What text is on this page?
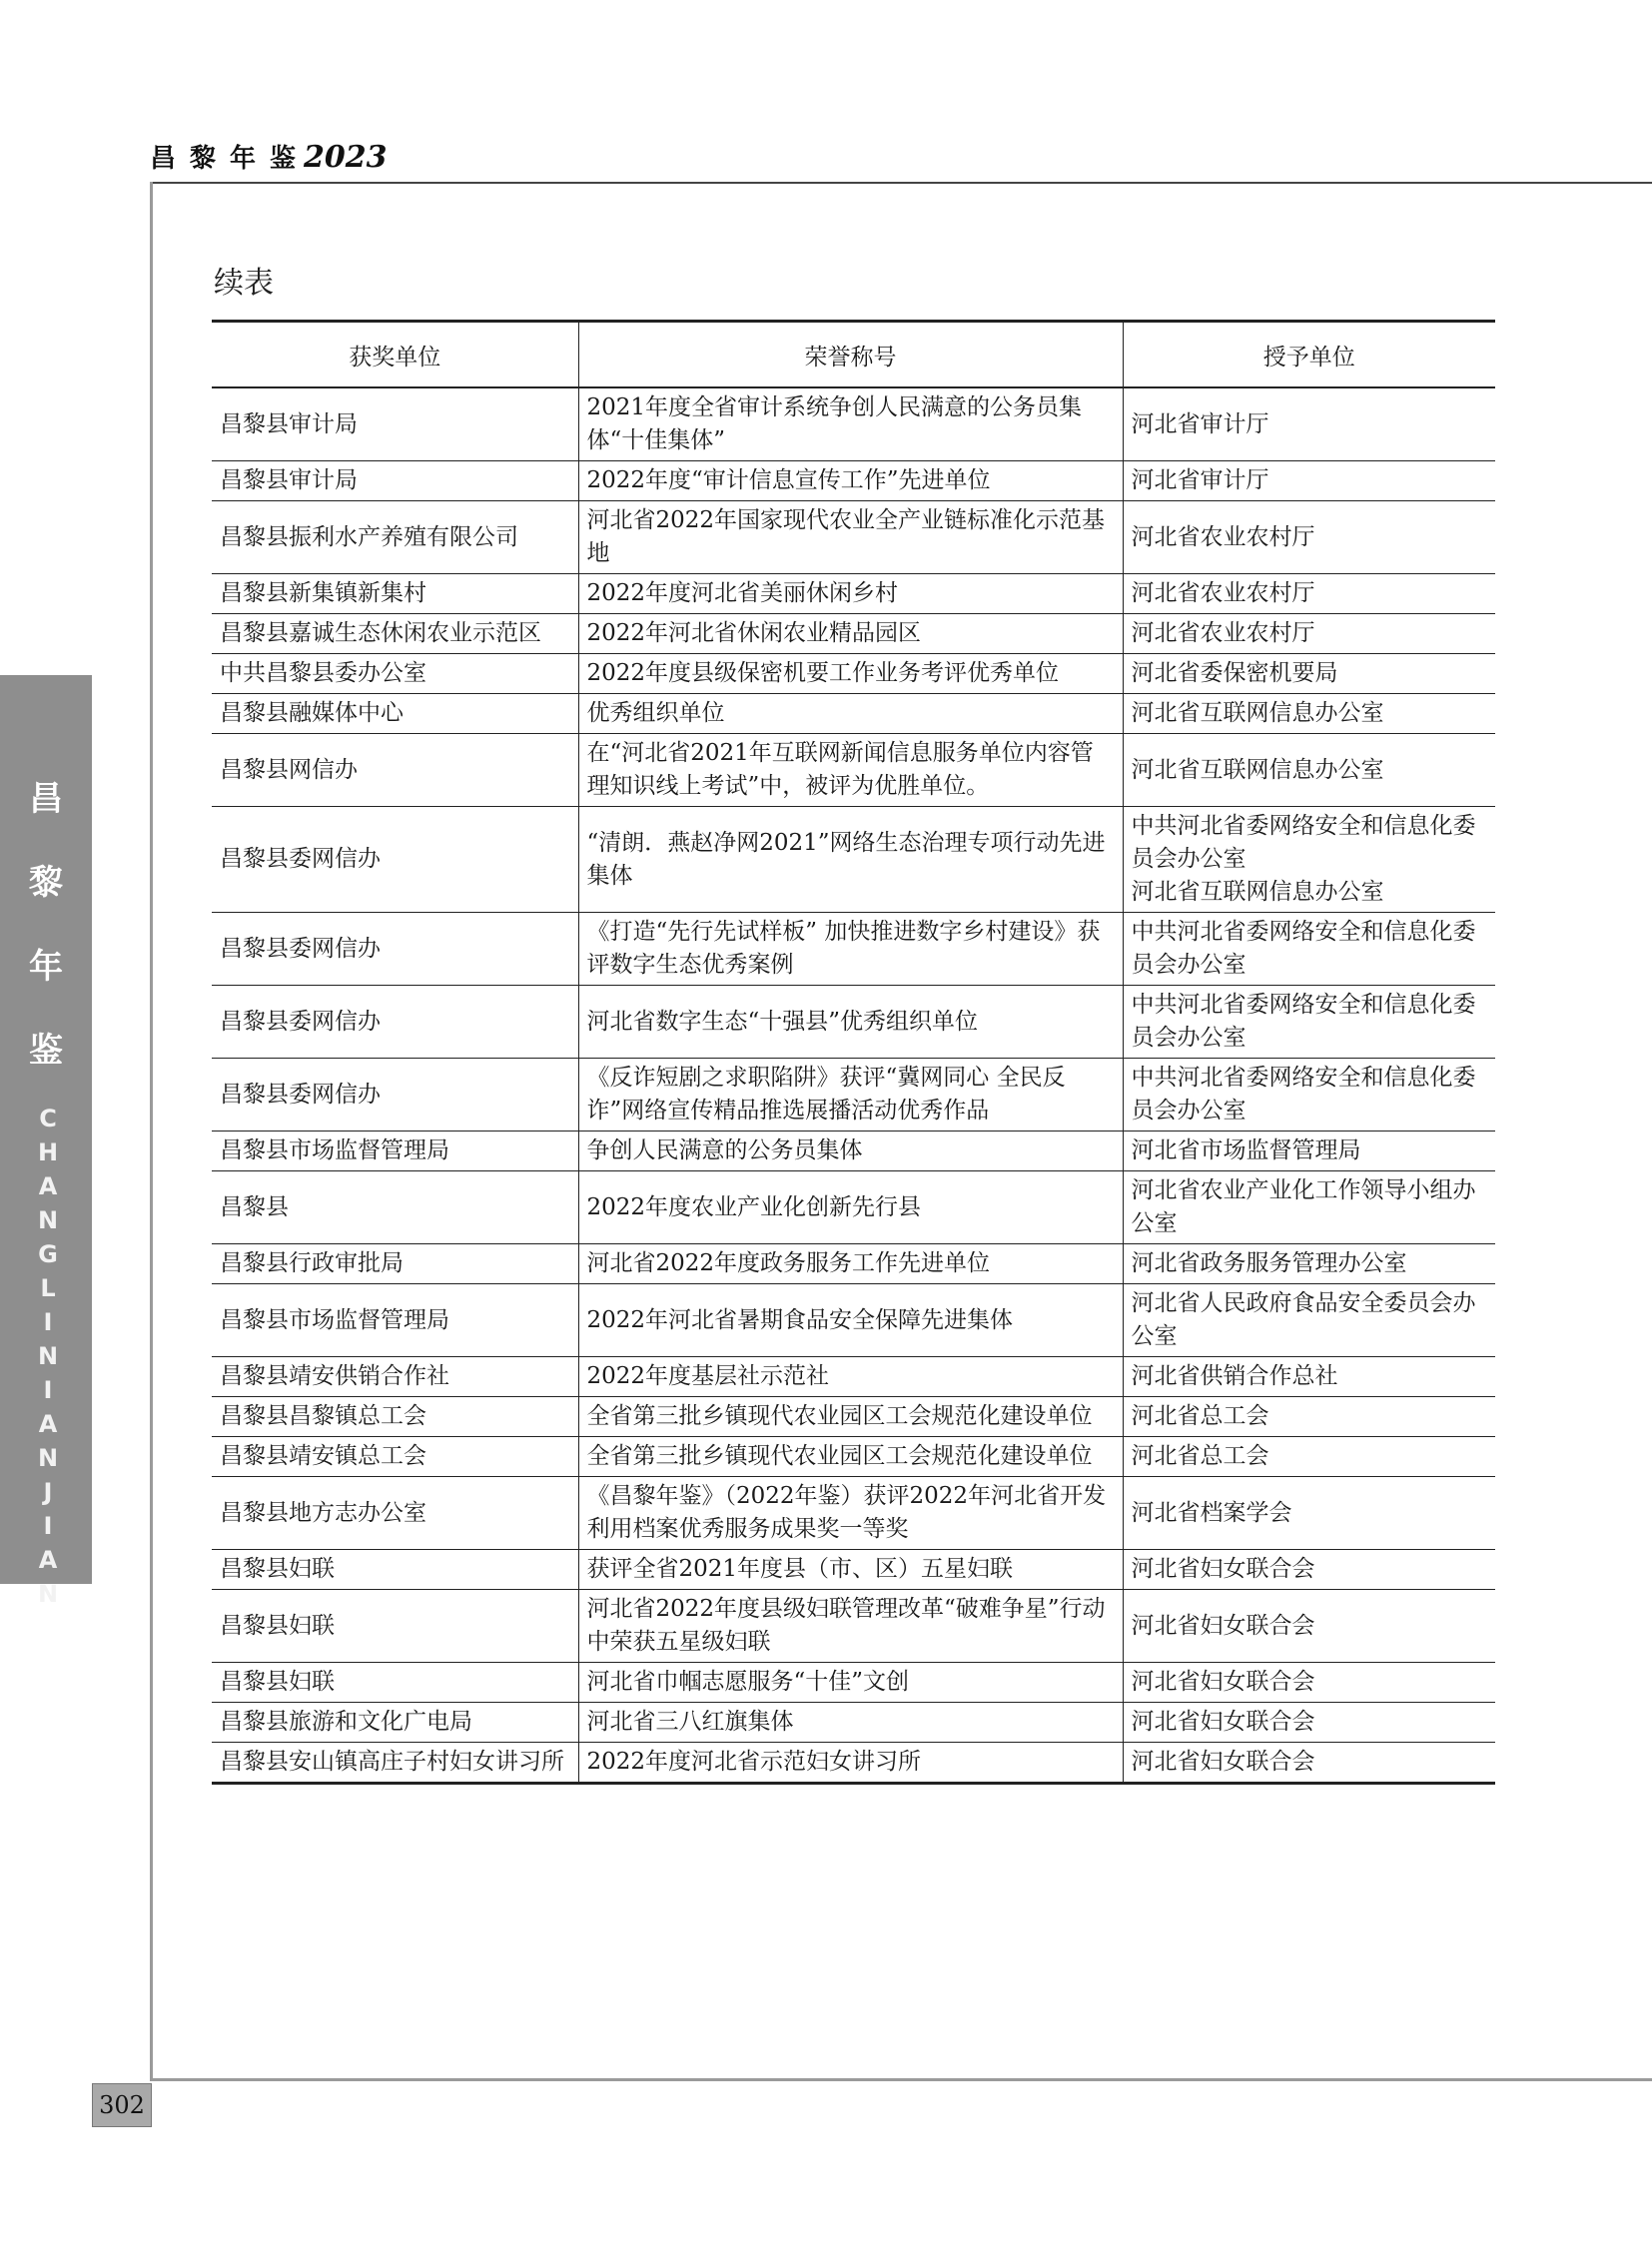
昌黎年鉴2023
昌
黎
年
鉴
CHANGLINIANJIAN
302
续表
获奖单位	荣誉称号	授予单位
昌黎县审计局	2021年度全省审计系统争创人民满意的公务员集体“十佳集体”	河北省审计厅
昌黎县审计局	2022年度“审计信息宣传工作”先进单位	河北省审计厅
昌黎县振利水产养殖有限公司	河北省2022年国家现代农业全产业链标准化示范基地	河北省农业农村厅
昌黎县新集镇新集村	2022年度河北省美丽休闲乡村	河北省农业农村厅
昌黎县嘉诚生态休闲农业示范区	2022年河北省休闲农业精品园区	河北省农业农村厅
中共昌黎县委办公室	2022年度县级保密机要工作业务考评优秀单位	河北省委保密机要局
昌黎县融媒体中心	优秀组织单位	河北省互联网信息办公室
昌黎县网信办	在“河北省2021年互联网新闻信息服务单位内容管理知识线上考试”中，被评为优胜单位。	河北省互联网信息办公室
昌黎县委网信办	“清朗．燕赵净网2021”网络生态治理专项行动先进集体	中共河北省委网络安全和信息化委员会办公室
河北省互联网信息办公室
昌黎县委网信办	《打造“先行先试样板” 加快推进数字乡村建设》获评数字生态优秀案例	中共河北省委网络安全和信息化委员会办公室
昌黎县委网信办	河北省数字生态“十强县”优秀组织单位	中共河北省委网络安全和信息化委员会办公室
昌黎县委网信办	《反诈短剧之求职陷阱》获评“冀网同心 全民反诈”网络宣传精品推选展播活动优秀作品	中共河北省委网络安全和信息化委员会办公室
昌黎县市场监督管理局	争创人民满意的公务员集体	河北省市场监督管理局
昌黎县	2022年度农业产业化创新先行县	河北省农业产业化工作领导小组办公室
昌黎县行政审批局	河北省2022年度政务服务工作先进单位	河北省政务服务管理办公室
昌黎县市场监督管理局	2022年河北省暑期食品安全保障先进集体	河北省人民政府食品安全委员会办公室
昌黎县靖安供销合作社	2022年度基层社示范社	河北省供销合作总社
昌黎县昌黎镇总工会	全省第三批乡镇现代农业园区工会规范化建设单位	河北省总工会
昌黎县靖安镇总工会	全省第三批乡镇现代农业园区工会规范化建设单位	河北省总工会
昌黎县地方志办公室	《昌黎年鉴》（2022年鉴）获评2022年河北省开发利用档案优秀服务成果奖一等奖	河北省档案学会
昌黎县妇联	获评全省2021年度县（市、区）五星妇联	河北省妇女联合会
昌黎县妇联	河北省2022年度县级妇联管理改革“破难争星”行动中荣获五星级妇联	河北省妇女联合会
昌黎县妇联	河北省巾帼志愿服务“十佳”文创	河北省妇女联合会
昌黎县旅游和文化广电局	河北省三八红旗集体	河北省妇女联合会
昌黎县安山镇高庄子村妇女讲习所	2022年度河北省示范妇女讲习所	河北省妇女联合会
